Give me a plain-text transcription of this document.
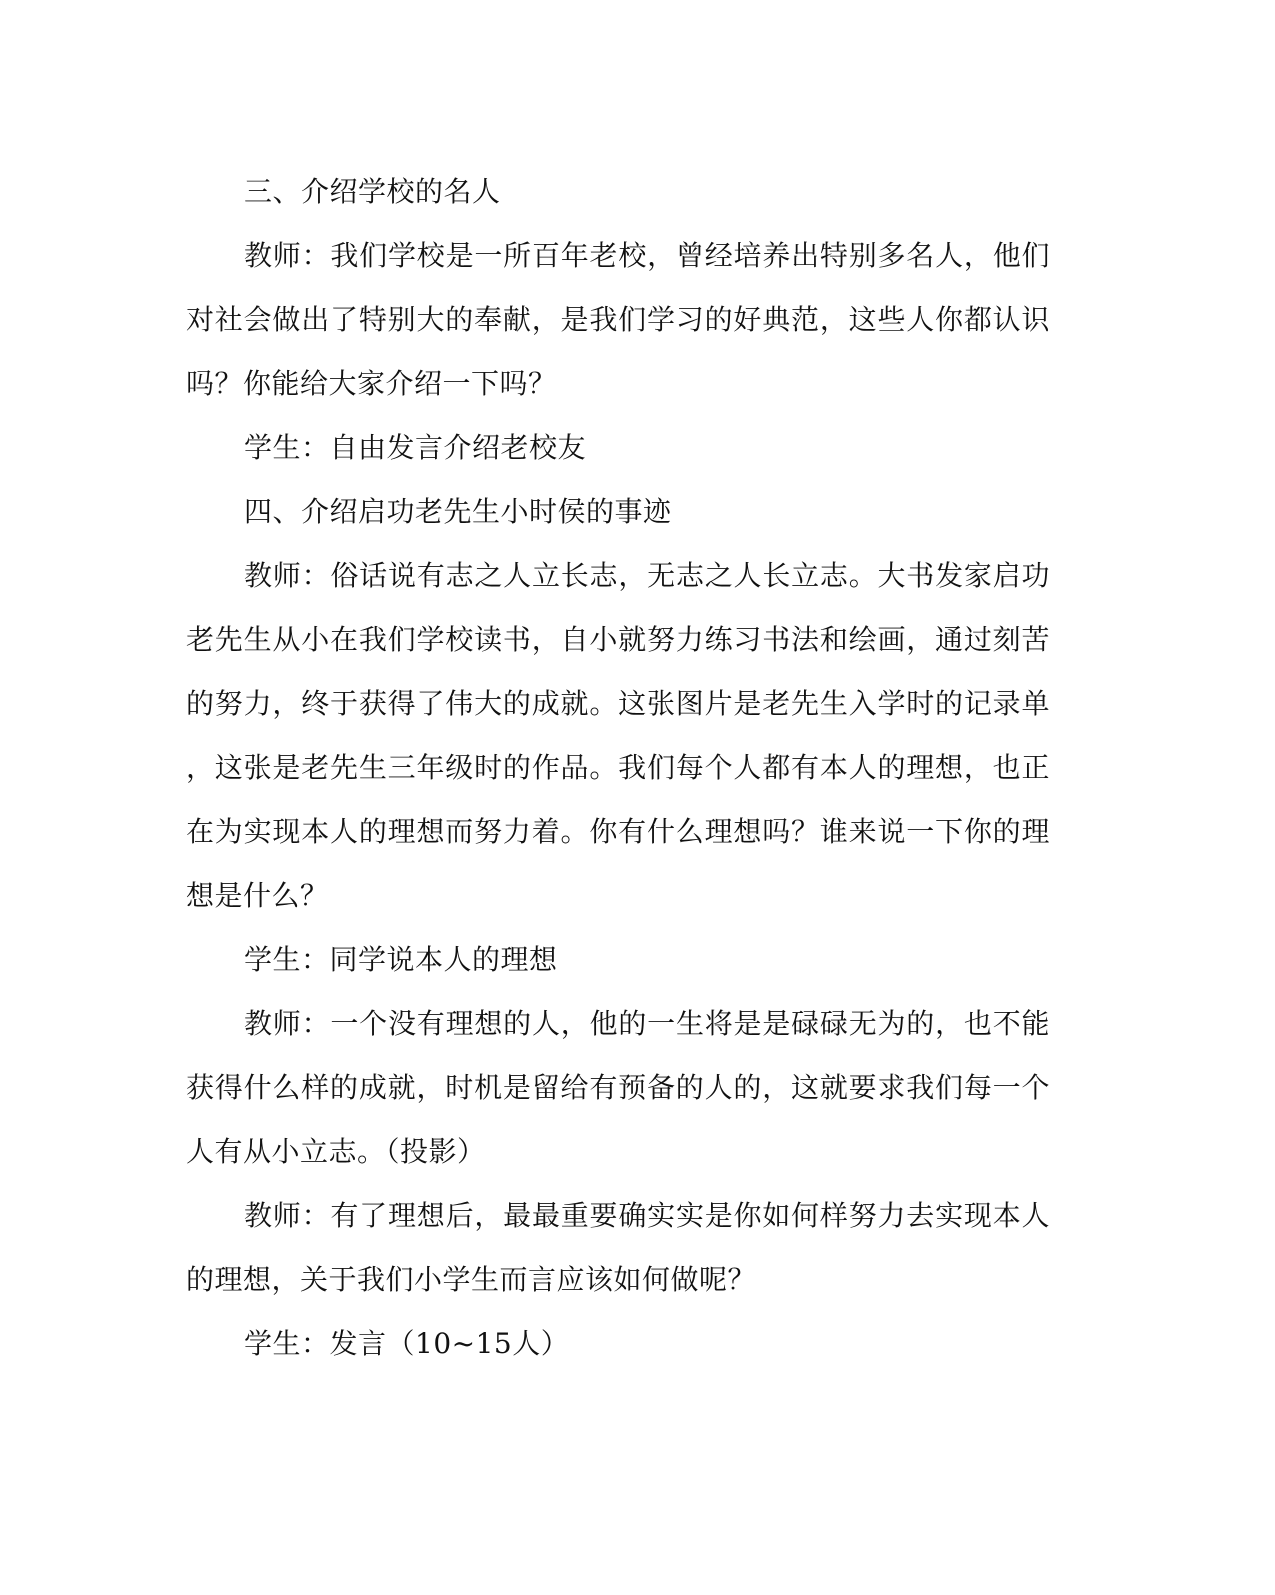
三、介绍学校的名人
教师：我们学校是一所百年老校，曾经培养出特别多名人，他们
对社会做出了特别大的奉献，是我们学习的好典范，这些人你都认识
吗？你能给大家介绍一下吗？
学生：自由发言介绍老校友
四、介绍启功老先生小时侯的事迹
教师：俗话说有志之人立长志，无志之人长立志。大书发家启功
老先生从小在我们学校读书，自小就努力练习书法和绘画，通过刻苦
的努力，终于获得了伟大的成就。这张图片是老先生入学时的记录单
，这张是老先生三年级时的作品。我们每个人都有本人的理想，也正
在为实现本人的理想而努力着。你有什么理想吗？谁来说一下你的理
想是什么？
学生：同学说本人的理想
教师：一个没有理想的人，他的一生将是是碌碌无为的，也不能
获得什么样的成就，时机是留给有预备的人的，这就要求我们每一个
人有从小立志。（投影）
教师：有了理想后，最最重要确实实是你如何样努力去实现本人
的理想，关于我们小学生而言应该如何做呢？
学生：发言（10~15人）
